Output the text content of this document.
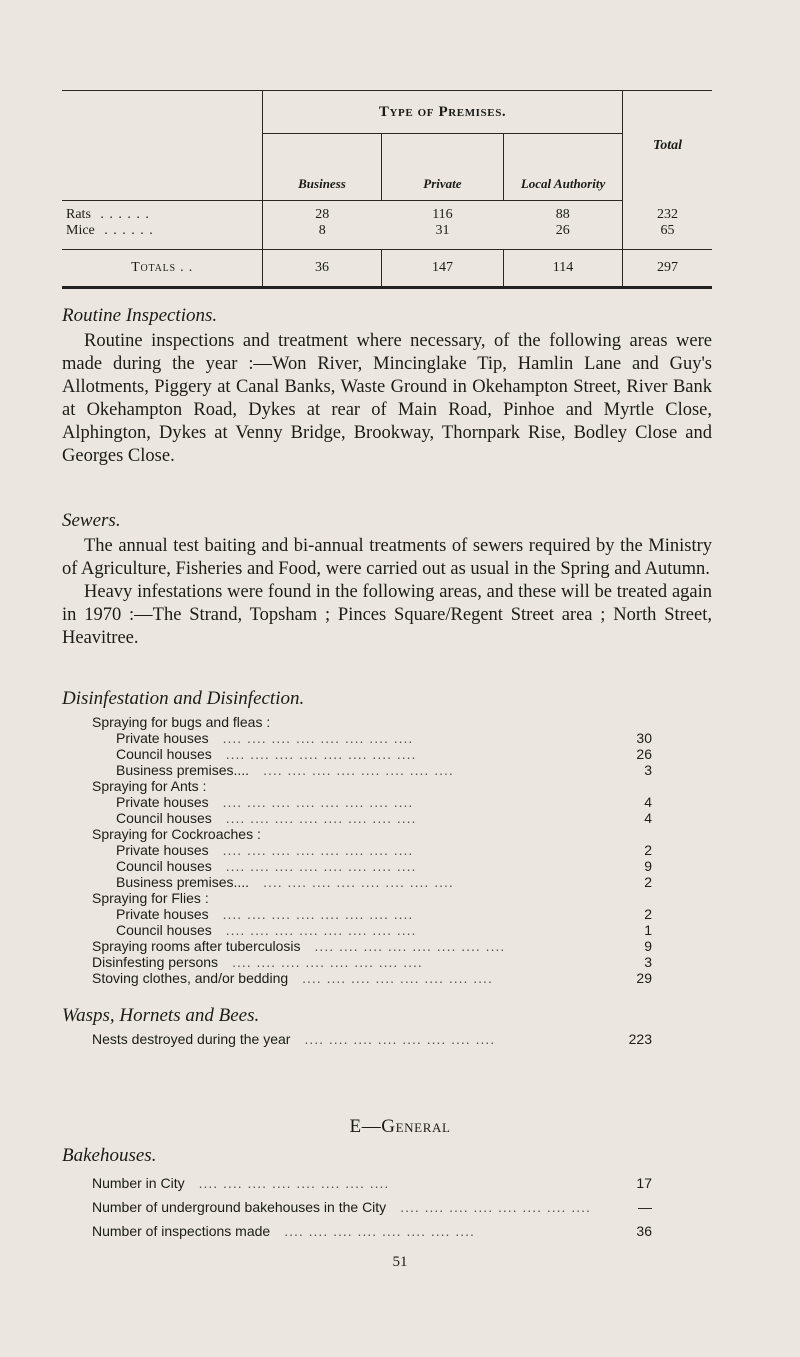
	Type of Premises.			Total
	Business	Private	Local Authority	
Rats . . . . . .	28	116	88	232
Mice . . . . . .	8	31	26	65
Totals . .	36	147	114	297
Routine Inspections.

Routine inspections and treatment where necessary, of the following areas were made during the year :—Won River, Mincinglake Tip, Hamlin Lane and Guy's Allotments, Piggery at Canal Banks, Waste Ground in Okehampton Street, River Bank at Okehampton Road, Dykes at rear of Main Road, Pinhoe and Myrtle Close, Alphington, Dykes at Venny Bridge, Brookway, Thornpark Rise, Bodley Close and Georges Close.

Sewers.

The annual test baiting and bi-annual treatments of sewers required by the Ministry of Agriculture, Fisheries and Food, were carried out as usual in the Spring and Autumn.

Heavy infestations were found in the following areas, and these will be treated again in 1970 :—The Strand, Topsham ; Pinces Square/Regent Street area ; North Street, Heavitree.

Disinfestation and Disinfection.
Spraying for bugs and fleas :
Private houses	.... .... .... .... .... .... .... ....	30
Council houses	.... .... .... .... .... .... .... ....	26
Business premises....	.... .... .... .... .... .... .... ....	3
Spraying for Ants :
Private houses	.... .... .... .... .... .... .... ....	4
Council houses	.... .... .... .... .... .... .... ....	4
Spraying for Cockroaches :
Private houses	.... .... .... .... .... .... .... ....	2
Council houses	.... .... .... .... .... .... .... ....	9
Business premises....	.... .... .... .... .... .... .... ....	2
Spraying for Flies :
Private houses	.... .... .... .... .... .... .... ....	2
Council houses	.... .... .... .... .... .... .... ....	1
Spraying rooms after tuberculosis	.... .... .... .... .... .... .... ....	9
Disinfesting persons	.... .... .... .... .... .... .... ....	3
Stoving clothes, and/or bedding	.... .... .... .... .... .... .... ....	29
Wasps, Hornets and Bees.
Nests destroyed during the year	.... .... .... .... .... .... .... ....	223
E—General
Bakehouses.
Number in City	.... .... .... .... .... .... .... ....	17
Number of underground bakehouses in the City	.... .... .... .... .... .... .... ....	—
Number of inspections made	.... .... .... .... .... .... .... ....	36
51
